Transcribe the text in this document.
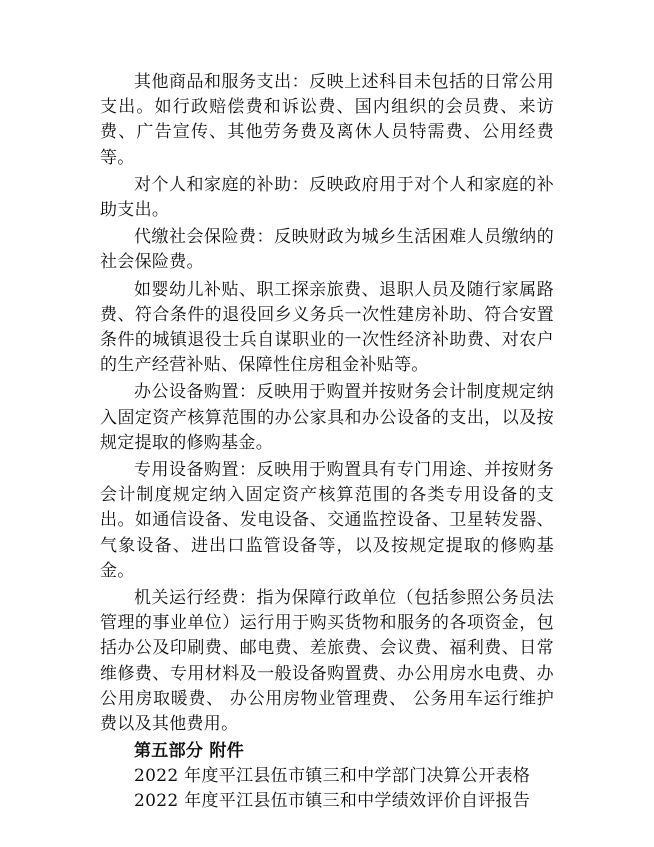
其他商品和服务支出：反映上述科目未包括的日常公用支出。如行政赔偿费和诉讼费、国内组织的会员费、来访费、广告宣传、其他劳务费及离休人员特需费、公用经费等。

对个人和家庭的补助：反映政府用于对个人和家庭的补助支出。

代缴社会保险费：反映财政为城乡生活困难人员缴纳的社会保险费。

如婴幼儿补贴、职工探亲旅费、退职人员及随行家属路费、符合条件的退役回乡义务兵一次性建房补助、符合安置条件的城镇退役士兵自谋职业的一次性经济补助费、对农户的生产经营补贴、保障性住房租金补贴等。

办公设备购置：反映用于购置并按财务会计制度规定纳入固定资产核算范围的办公家具和办公设备的支出，以及按规定提取的修购基金。

专用设备购置：反映用于购置具有专门用途、并按财务会计制度规定纳入固定资产核算范围的各类专用设备的支出。如通信设备、发电设备、交通监控设备、卫星转发器、气象设备、进出口监管设备等，以及按规定提取的修购基金。

机关运行经费：指为保障行政单位（包括参照公务员法管理的事业单位）运行用于购买货物和服务的各项资金，包括办公及印刷费、邮电费、差旅费、会议费、福利费、日常维修费、专用材料及一般设备购置费、办公用房水电费、办公用房取暖费、 办公用房物业管理费、 公务用车运行维护费以及其他费用。

第五部分 附件
2022 年度平江县伍市镇三和中学部门决算公开表格
2022 年度平江县伍市镇三和中学绩效评价自评报告
